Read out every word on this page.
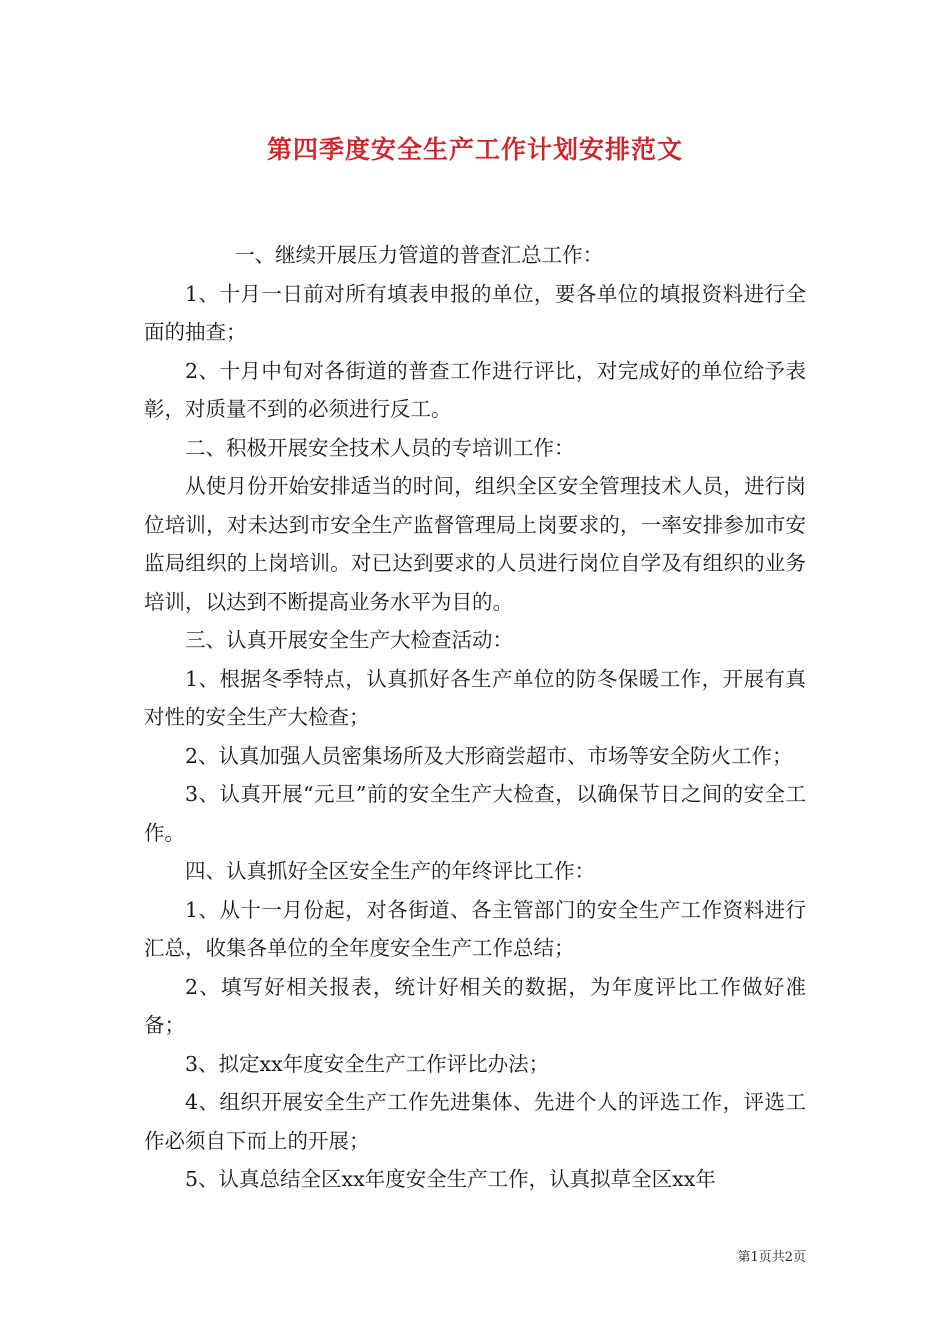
第四季度安全生产工作计划安排范文

一、继续开展压力管道的普查汇总工作：

1、十月一日前对所有填表申报的单位，要各单位的填报资料进行全面的抽查；

2、十月中旬对各街道的普查工作进行评比，对完成好的单位给予表彰，对质量不到的必须进行反工。

二、积极开展安全技术人员的专培训工作：

从使月份开始安排适当的时间，组织全区安全管理技术人员，进行岗位培训，对未达到市安全生产监督管理局上岗要求的，一率安排参加市安监局组织的上岗培训。对已达到要求的人员进行岗位自学及有组织的业务培训，以达到不断提高业务水平为目的。

三、认真开展安全生产大检查活动：

1、根据冬季特点，认真抓好各生产单位的防冬保暖工作，开展有真对性的安全生产大检查；

2、认真加强人员密集场所及大形商尝超市、市场等安全防火工作；

3、认真开展“元旦”前的安全生产大检查，以确保节日之间的安全工作。

四、认真抓好全区安全生产的年终评比工作：

1、从十一月份起，对各街道、各主管部门的安全生产工作资料进行汇总，收集各单位的全年度安全生产工作总结；

2、填写好相关报表，统计好相关的数据，为年度评比工作做好准备；

3、拟定xx年度安全生产工作评比办法；

4、组织开展安全生产工作先进集体、先进个人的评选工作，评选工作必须自下而上的开展；

5、认真总结全区xx年度安全生产工作，认真拟草全区xx年

第1页共2页
